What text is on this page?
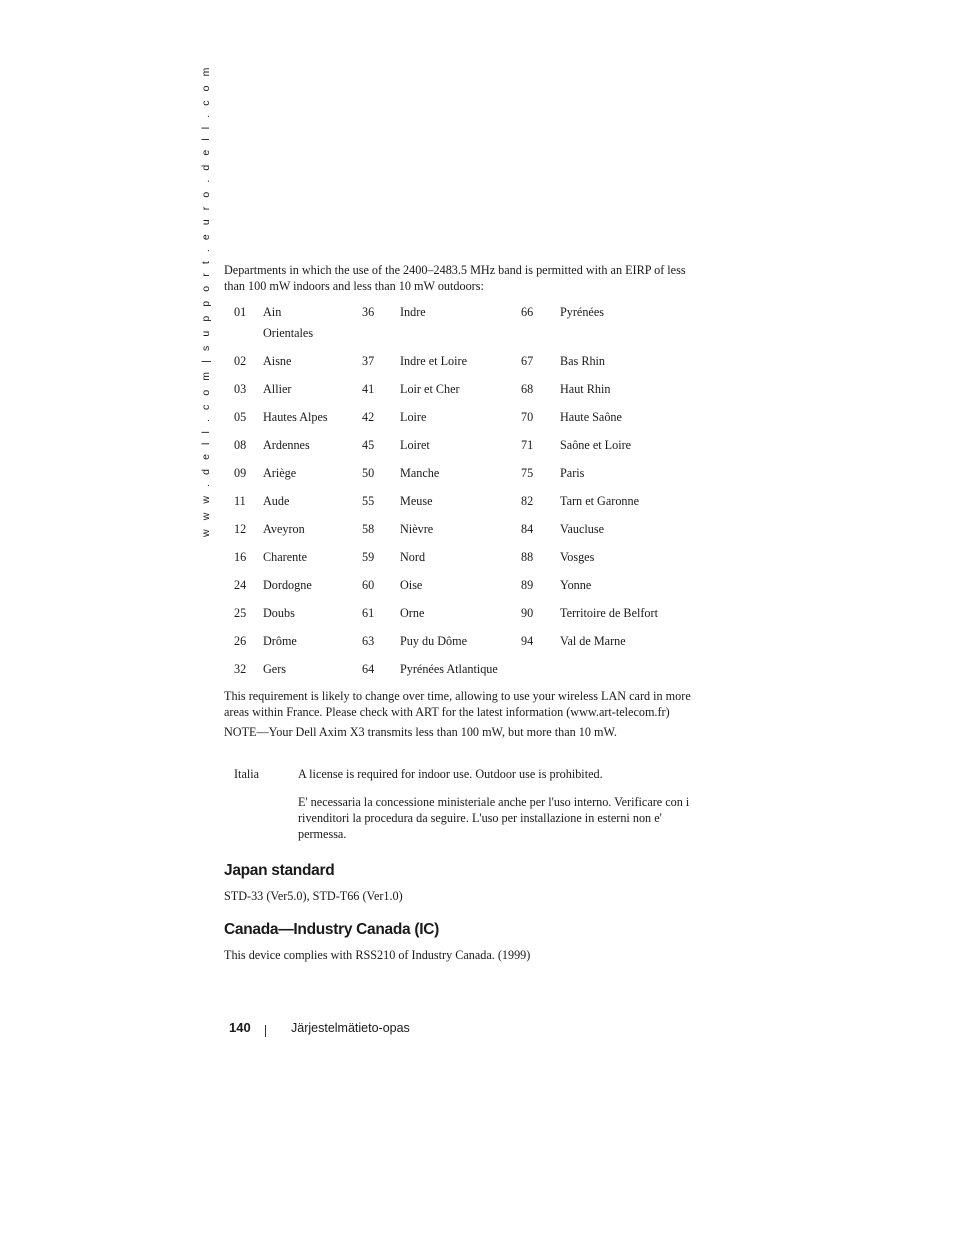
w w w . d e l l . c o m | s u p p o r t . e u r o . d e l l . c o m Departments in which the use of the 2400–2483.5 MHz band is permitted with an EIRP of less than 100 mW indoors and less than 10 mW outdoors:

01	Ain Orientales	36	Indre	66	Pyrénées
02	Aisne	37	Indre et Loire	67	Bas Rhin
03	Allier	41	Loir et Cher	68	Haut Rhin
05	Hautes Alpes	42	Loire	70	Haute Saône
08	Ardennes	45	Loiret	71	Saône et Loire
09	Ariège	50	Manche	75	Paris
11	Aude	55	Meuse	82	Tarn et Garonne
12	Aveyron	58	Nièvre	84	Vaucluse
16	Charente	59	Nord	88	Vosges
24	Dordogne	60	Oise	89	Yonne
25	Doubs	61	Orne	90	Territoire de Belfort
26	Drôme	63	Puy du Dôme	94	Val de Marne
32	Gers	64	Pyrénées Atlantique		

This requirement is likely to change over time, allowing to use your wireless LAN card in more areas within France. Please check with ART for the latest information (www.art-telecom.fr)

NOTE—Your Dell Axim X3 transmits less than 100 mW, but more than 10 mW.

Italia	A license is required for indoor use. Outdoor use is prohibited.
E' necessaria la concessione ministeriale anche per l'uso interno. Verificare con i rivenditori la procedura da seguire. L'uso per installazione in esterni non e' permessa.
Japan standard

STD-33 (Ver5.0), STD-T66 (Ver1.0)

Canada—Industry Canada (IC)

This device complies with RSS210 of Industry Canada. (1999)

140	Järjestelmätieto-opas
